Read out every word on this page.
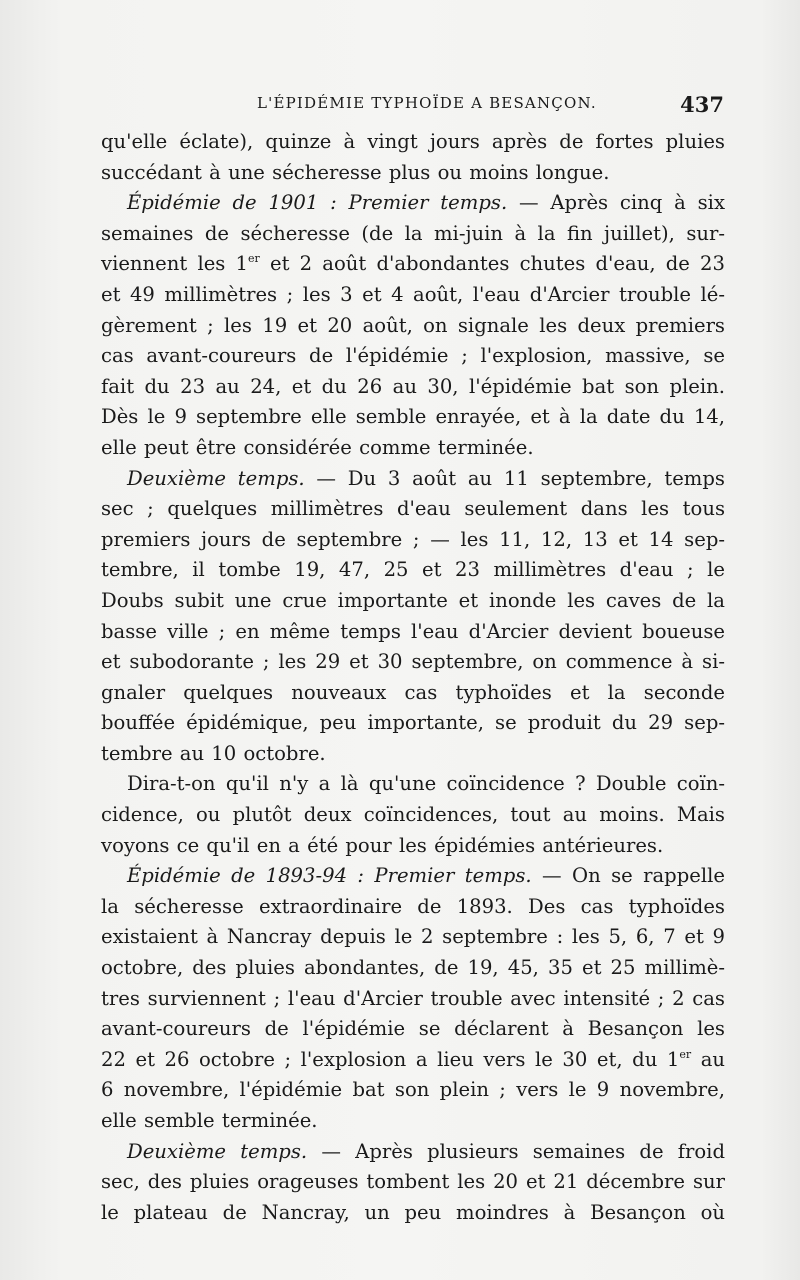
L'ÉPIDÉMIE TYPHOÏDE A BESANÇON.	437
qu'elle éclate), quinze à vingt jours après de fortes pluies
succédant à une sécheresse plus ou moins longue.
Épidémie de 1901 : Premier temps. — Après cinq à six
semaines de sécheresse (de la mi-juin à la fin juillet), sur-
viennent les 1er et 2 août d'abondantes chutes d'eau, de 23
et 49 millimètres ; les 3 et 4 août, l'eau d'Arcier trouble lé-
gèrement ; les 19 et 20 août, on signale les deux premiers
cas avant-coureurs de l'épidémie ; l'explosion, massive, se
fait du 23 au 24, et du 26 au 30, l'épidémie bat son plein.
Dès le 9 septembre elle semble enrayée, et à la date du 14,
elle peut être considérée comme terminée.
Deuxième temps. — Du 3 août au 11 septembre, temps
sec ; quelques millimètres d'eau seulement dans les tous
premiers jours de septembre ; — les 11, 12, 13 et 14 sep-
tembre, il tombe 19, 47, 25 et 23 millimètres d'eau ; le
Doubs subit une crue importante et inonde les caves de la
basse ville ; en même temps l'eau d'Arcier devient boueuse
et subodorante ; les 29 et 30 septembre, on commence à si-
gnaler quelques nouveaux cas typhoïdes et la seconde
bouffée épidémique, peu importante, se produit du 29 sep-
tembre au 10 octobre.
Dira-t-on qu'il n'y a là qu'une coïncidence ? Double coïn-
cidence, ou plutôt deux coïncidences, tout au moins. Mais
voyons ce qu'il en a été pour les épidémies antérieures.
Épidémie de 1893-94 : Premier temps. — On se rappelle
la sécheresse extraordinaire de 1893. Des cas typhoïdes
existaient à Nancray depuis le 2 septembre : les 5, 6, 7 et 9
octobre, des pluies abondantes, de 19, 45, 35 et 25 millimè-
tres surviennent ; l'eau d'Arcier trouble avec intensité ; 2 cas
avant-coureurs de l'épidémie se déclarent à Besançon les
22 et 26 octobre ; l'explosion a lieu vers le 30 et, du 1er au
6 novembre, l'épidémie bat son plein ; vers le 9 novembre,
elle semble terminée.
Deuxième temps. — Après plusieurs semaines de froid
sec, des pluies orageuses tombent les 20 et 21 décembre sur
le plateau de Nancray, un peu moindres à Besançon où
